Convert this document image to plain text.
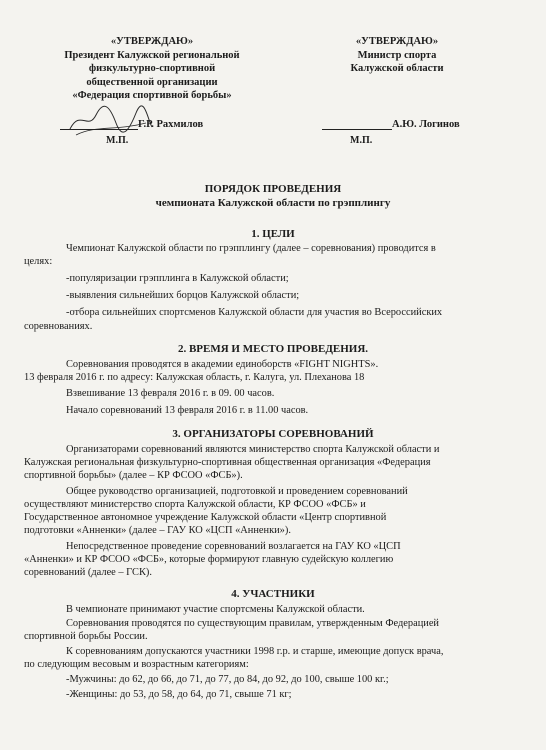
«УТВЕРЖДАЮ»
Президент Калужской региональной
физкультурно-спортивной
общественной организации
«Федерация спортивной борьбы»
«УТВЕРЖДАЮ»
Министр спорта
Калужской области
Г.Р. Рахмилов
М.П.
А.Ю. Логинов
М.П.
ПОРЯДОК ПРОВЕДЕНИЯ
чемпионата Калужской области по грэпплингу
1. ЦЕЛИ
Чемпионат Калужской области по грэпплингу (далее – соревнования) проводится в
целях:
-популяризации грэпплинга в Калужской области;
-выявления сильнейших борцов Калужской области;
-отбора сильнейших спортсменов Калужской области для участия во Всероссийских
соревнованиях.
2. ВРЕМЯ И МЕСТО ПРОВЕДЕНИЯ.
Соревнования проводятся в академии единоборств «FIGHT NIGHTS».
13 февраля 2016 г. по адресу: Калужская область, г. Калуга, ул. Плеханова 18
Взвешивание 13 февраля 2016 г. в 09. 00 часов.
Начало соревнований 13 февраля 2016 г. в 11.00 часов.
3. ОРГАНИЗАТОРЫ СОРЕВНОВАНИЙ
Организаторами соревнований являются министерство спорта Калужской области и
Калужская региональная физкультурно-спортивная общественная организация «Федерация
спортивной борьбы» (далее – КР ФСОО «ФСБ»).
Общее руководство организацией, подготовкой и проведением соревнований
осуществляют министерство спорта Калужской области, КР ФСОО «ФСБ» и
Государственное автономное учреждение Калужской области «Центр спортивной
подготовки «Анненки» (далее – ГАУ КО «ЦСП «Анненки»).
Непосредственное проведение соревнований возлагается на ГАУ КО «ЦСП
«Анненки» и КР ФСОО «ФСБ», которые формируют главную судейскую коллегию
соревнований (далее – ГСК).
4. УЧАСТНИКИ
В чемпионате принимают участие спортсмены Калужской области.
Соревнования проводятся по существующим правилам, утвержденным Федерацией
спортивной борьбы России.
К соревнованиям допускаются участники 1998 г.р. и старше, имеющие допуск врача,
по следующим весовым и возрастным категориям:
-Мужчины: до 62, до 66, до 71, до 77, до 84, до 92, до 100, свыше 100 кг.;
-Женщины: до 53, до 58, до 64, до 71, свыше 71 кг;
